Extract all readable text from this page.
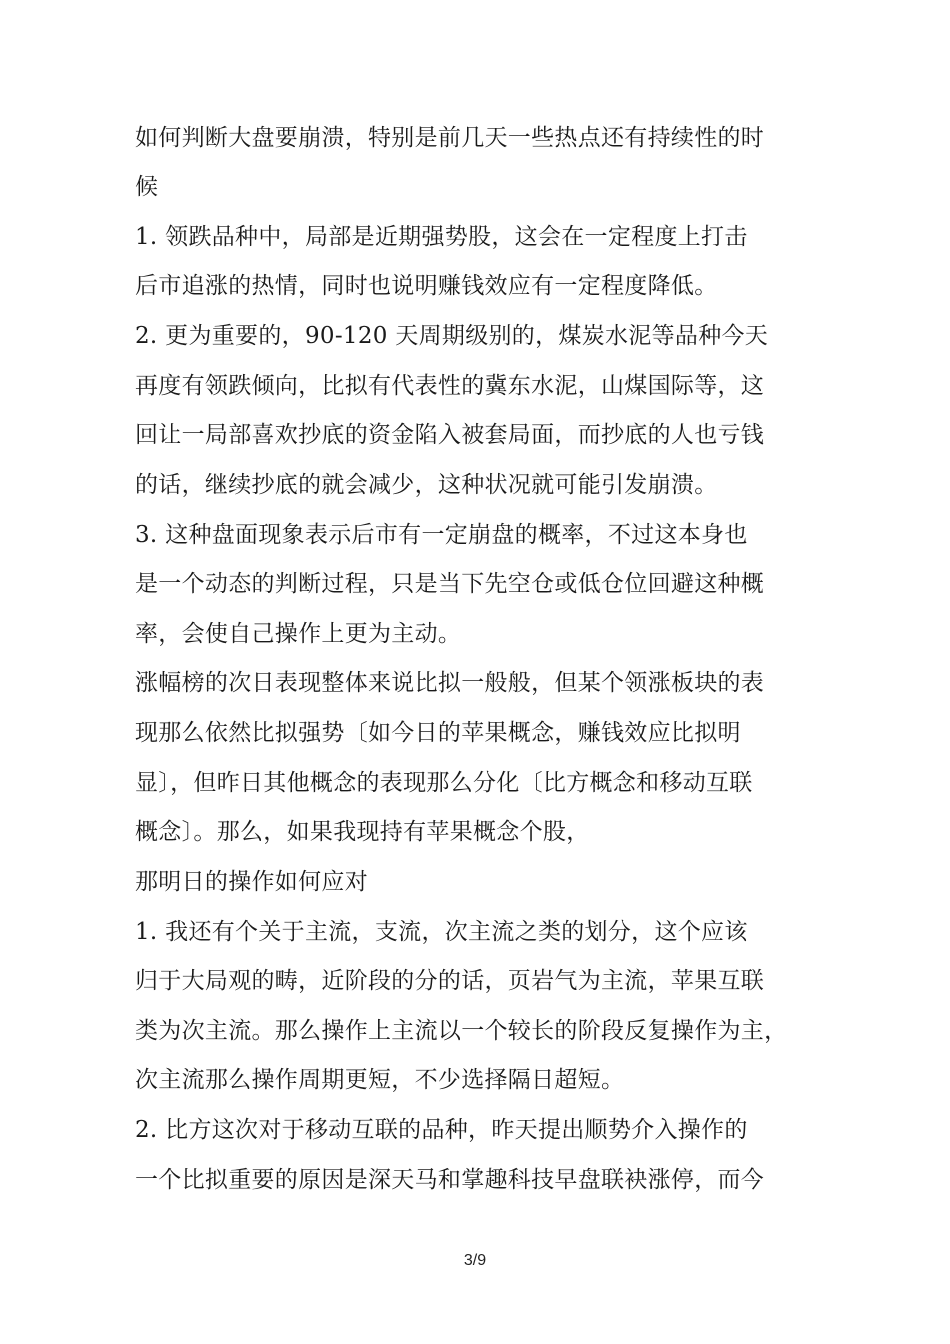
如何判断大盘要崩溃，特别是前几天一些热点还有持续性的时
候
1. 领跌品种中，局部是近期强势股，这会在一定程度上打击
后市追涨的热情，同时也说明赚钱效应有一定程度降低。
2. 更为重要的，90-120 天周期级别的，煤炭水泥等品种今天
再度有领跌倾向，比拟有代表性的冀东水泥，山煤国际等，这
回让一局部喜欢抄底的资金陷入被套局面，而抄底的人也亏钱
的话，继续抄底的就会减少，这种状况就可能引发崩溃。
3. 这种盘面现象表示后市有一定崩盘的概率，不过这本身也
是一个动态的判断过程，只是当下先空仓或低仓位回避这种概
率，会使自己操作上更为主动。
涨幅榜的次日表现整体来说比拟一般般，但某个领涨板块的表
现那么依然比拟强势〔如今日的苹果概念，赚钱效应比拟明
显〕，但昨日其他概念的表现那么分化〔比方概念和移动互联
概念〕。那么，如果我现持有苹果概念个股，
那明日的操作如何应对
1. 我还有个关于主流，支流，次主流之类的划分，这个应该
归于大局观的畴，近阶段的分的话，页岩气为主流，苹果互联
类为次主流。那么操作上主流以一个较长的阶段反复操作为主，
次主流那么操作周期更短，不少选择隔日超短。
2. 比方这次对于移动互联的品种，昨天提出顺势介入操作的
一个比拟重要的原因是深天马和掌趣科技早盘联袂涨停，而今
3/9
